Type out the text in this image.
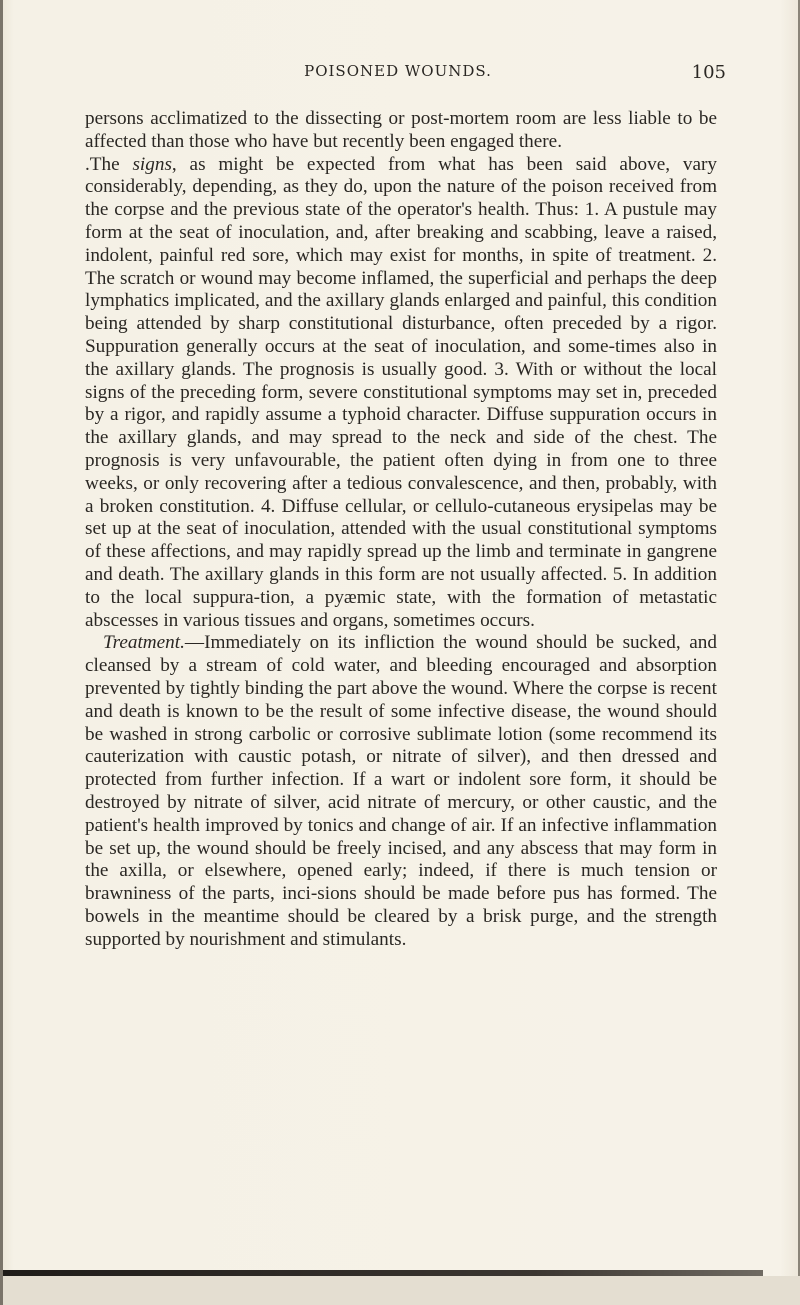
POISONED WOUNDS.	105

persons acclimatized to the dissecting or post-mortem room are less liable to be affected than those who have but recently been engaged there.

.The signs, as might be expected from what has been said above, vary considerably, depending, as they do, upon the nature of the poison received from the corpse and the previous state of the operator's health. Thus: 1. A pustule may form at the seat of inoculation, and, after breaking and scabbing, leave a raised, indolent, painful red sore, which may exist for months, in spite of treatment. 2. The scratch or wound may become inflamed, the superficial and perhaps the deep lymphatics implicated, and the axillary glands enlarged and painful, this condition being attended by sharp constitutional disturbance, often preceded by a rigor. Suppuration generally occurs at the seat of inoculation, and some-times also in the axillary glands. The prognosis is usually good. 3. With or without the local signs of the preceding form, severe constitutional symptoms may set in, preceded by a rigor, and rapidly assume a typhoid character. Diffuse suppuration occurs in the axillary glands, and may spread to the neck and side of the chest. The prognosis is very unfavourable, the patient often dying in from one to three weeks, or only recovering after a tedious convalescence, and then, probably, with a broken constitution. 4. Diffuse cellular, or cellulo-cutaneous erysipelas may be set up at the seat of inoculation, attended with the usual constitutional symptoms of these affections, and may rapidly spread up the limb and terminate in gangrene and death. The axillary glands in this form are not usually affected. 5. In addition to the local suppura-tion, a pyæmic state, with the formation of metastatic abscesses in various tissues and organs, sometimes occurs.

Treatment.—Immediately on its infliction the wound should be sucked, and cleansed by a stream of cold water, and bleeding encouraged and absorption prevented by tightly binding the part above the wound. Where the corpse is recent and death is known to be the result of some infective disease, the wound should be washed in strong carbolic or corrosive sublimate lotion (some recommend its cauterization with caustic potash, or nitrate of silver), and then dressed and protected from further infection. If a wart or indolent sore form, it should be destroyed by nitrate of silver, acid nitrate of mercury, or other caustic, and the patient's health improved by tonics and change of air. If an infective inflammation be set up, the wound should be freely incised, and any abscess that may form in the axilla, or elsewhere, opened early; indeed, if there is much tension or brawniness of the parts, inci-sions should be made before pus has formed. The bowels in the meantime should be cleared by a brisk purge, and the strength supported by nourishment and stimulants.
